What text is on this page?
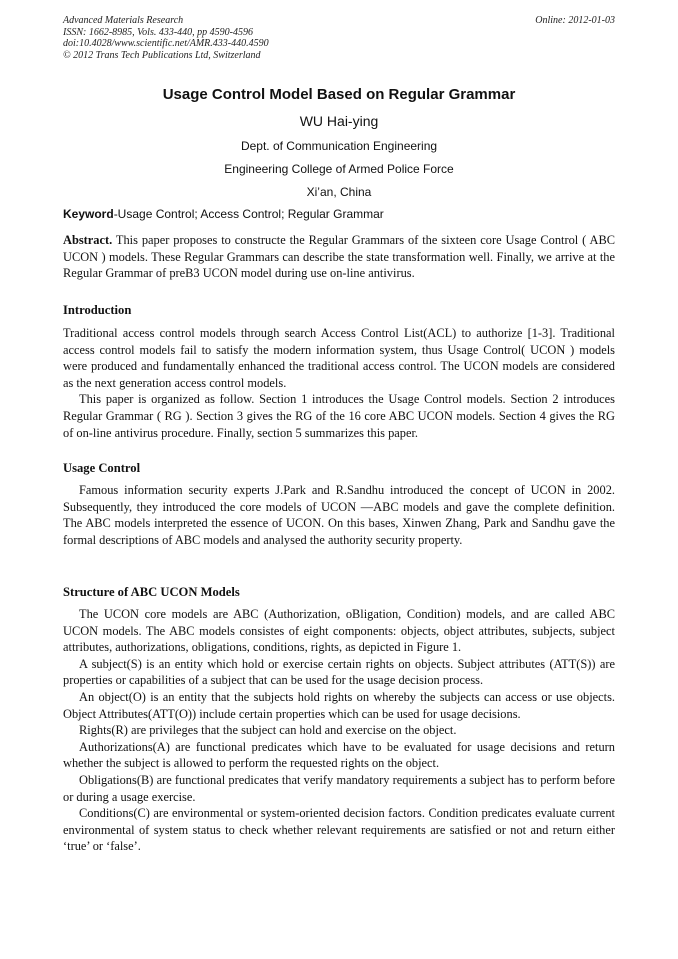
Advanced Materials Research
ISSN: 1662-8985, Vols. 433-440, pp 4590-4596
doi:10.4028/www.scientific.net/AMR.433-440.4590
© 2012 Trans Tech Publications Ltd, Switzerland
Online: 2012-01-03
Usage Control Model Based on Regular Grammar
WU Hai-ying
Dept. of Communication Engineering
Engineering College of Armed Police Force
Xi’an, China
Keyword-Usage Control; Access Control; Regular Grammar

Abstract. This paper proposes to constructe the Regular Grammars of the sixteen core Usage Control ( ABC UCON ) models. These Regular Grammars can describe the state transformation well. Finally, we arrive at the Regular Grammar of preB3 UCON model during use on-line antivirus.

Introduction

Traditional access control models through search Access Control List(ACL) to authorize [1-3]. Traditional access control models fail to satisfy the modern information system, thus Usage Control( UCON ) models were produced and fundamentally enhanced the traditional access control. The UCON models are considered as the next generation access control models.

This paper is organized as follow. Section 1 introduces the Usage Control models. Section 2 introduces Regular Grammar ( RG ). Section 3 gives the RG of the 16 core ABC UCON models. Section 4 gives the RG of on-line antivirus procedure. Finally, section 5 summarizes this paper.

Usage Control

Famous information security experts J.Park and R.Sandhu introduced the concept of UCON in 2002. Subsequently, they introduced the core models of UCON —ABC models and gave the complete definition. The ABC models interpreted the essence of UCON. On this bases, Xinwen Zhang, Park and Sandhu gave the formal descriptions of ABC models and analysed the authority security property.

Structure of ABC UCON Models

The UCON core models are ABC (Authorization, oBligation, Condition) models, and are called ABC UCON models. The ABC models consistes of eight components: objects, object attributes, subjects, subject attributes, authorizations, obligations, conditions, rights, as depicted in Figure 1.

A subject(S) is an entity which hold or exercise certain rights on objects. Subject attributes (ATT(S)) are properties or capabilities of a subject that can be used for the usage decision process.

An object(O) is an entity that the subjects hold rights on whereby the subjects can access or use objects. Object Attributes(ATT(O)) include certain properties which can be used for usage decisions.

Rights(R) are privileges that the subject can hold and exercise on the object.

Authorizations(A) are functional predicates which have to be evaluated for usage decisions and return whether the subject is allowed to perform the requested rights on the object.

Obligations(B) are functional predicates that verify mandatory requirements a subject has to perform before or during a usage exercise.

Conditions(C) are environmental or system-oriented decision factors. Condition predicates evaluate current environmental of system status to check whether relevant requirements are satisfied or not and return either ‘true’ or ‘false’.
